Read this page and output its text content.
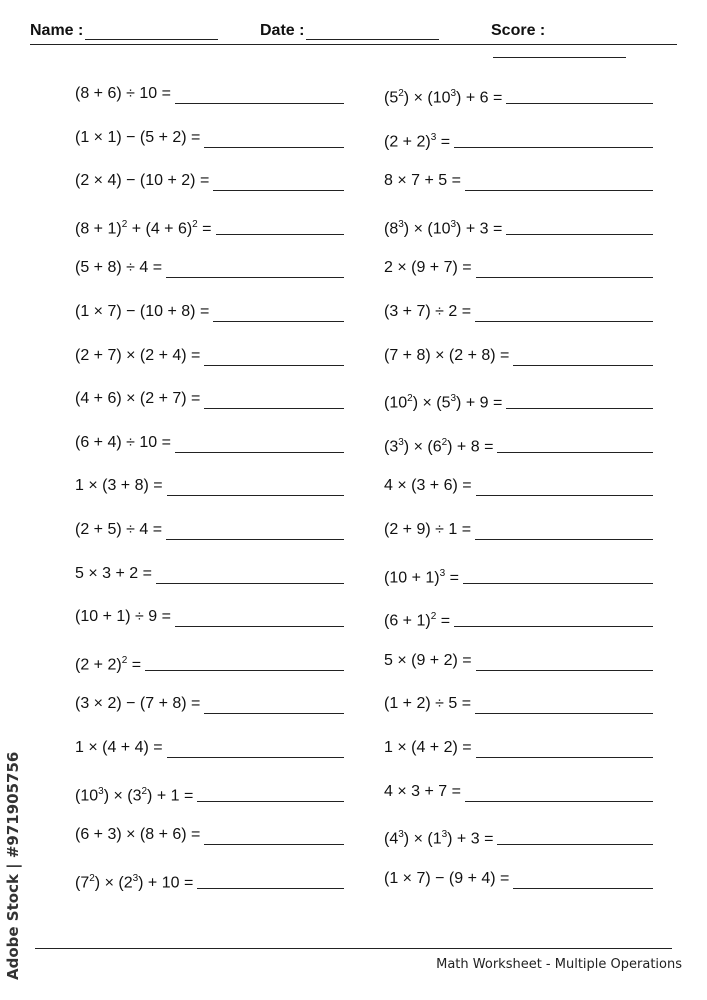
Name :	Date :	Score :
(8 + 6) ÷ 10 =
(1 × 1) − (5 + 2) =
(2 × 4) − (10 + 2) =
$(8 + 1)^2 + (4 + 6)^2$ =
(5 + 8) ÷ 4 =
(1 × 7) − (10 + 8) =
(2 + 7) × (2 + 4) =
(4 + 6) × (2 + 7) =
(6 + 4) ÷ 10 =
1 × (3 + 8) =
(2 + 5) ÷ 4 =
5 × 3 + 2 =
(10 + 1) ÷ 9 =
$(2 + 2)^2$ =
(3 × 2) − (7 + 8) =
1 × (4 + 4) =
$(10^3) \times (3^2) + 1$ =
(6 + 3) × (8 + 6) =
$(7^2) \times (2^3) + 10$ =
$(5^2) \times (10^3) + 6$ =
$(2 + 2)^3$ =
8 × 7 + 5 =
$(8^3) \times (10^3) + 3$ =
2 × (9 + 7) =
(3 + 7) ÷ 2 =
(7 + 8) × (2 + 8) =
$(10^2) \times (5^3) + 9$ =
$(3^3) \times (6^2) + 8$ =
4 × (3 + 6) =
(2 + 9) ÷ 1 =
$(10 + 1)^3$ =
$(6 + 1)^2$ =
5 × (9 + 2) =
(1 + 2) ÷ 5 =
1 × (4 + 2) =
4 × 3 + 7 =
$(4^3) \times (1^3) + 3$ =
(1 × 7) − (9 + 4) =
Math Worksheet - Multiple Operations
Adobe Stock | #971905756
